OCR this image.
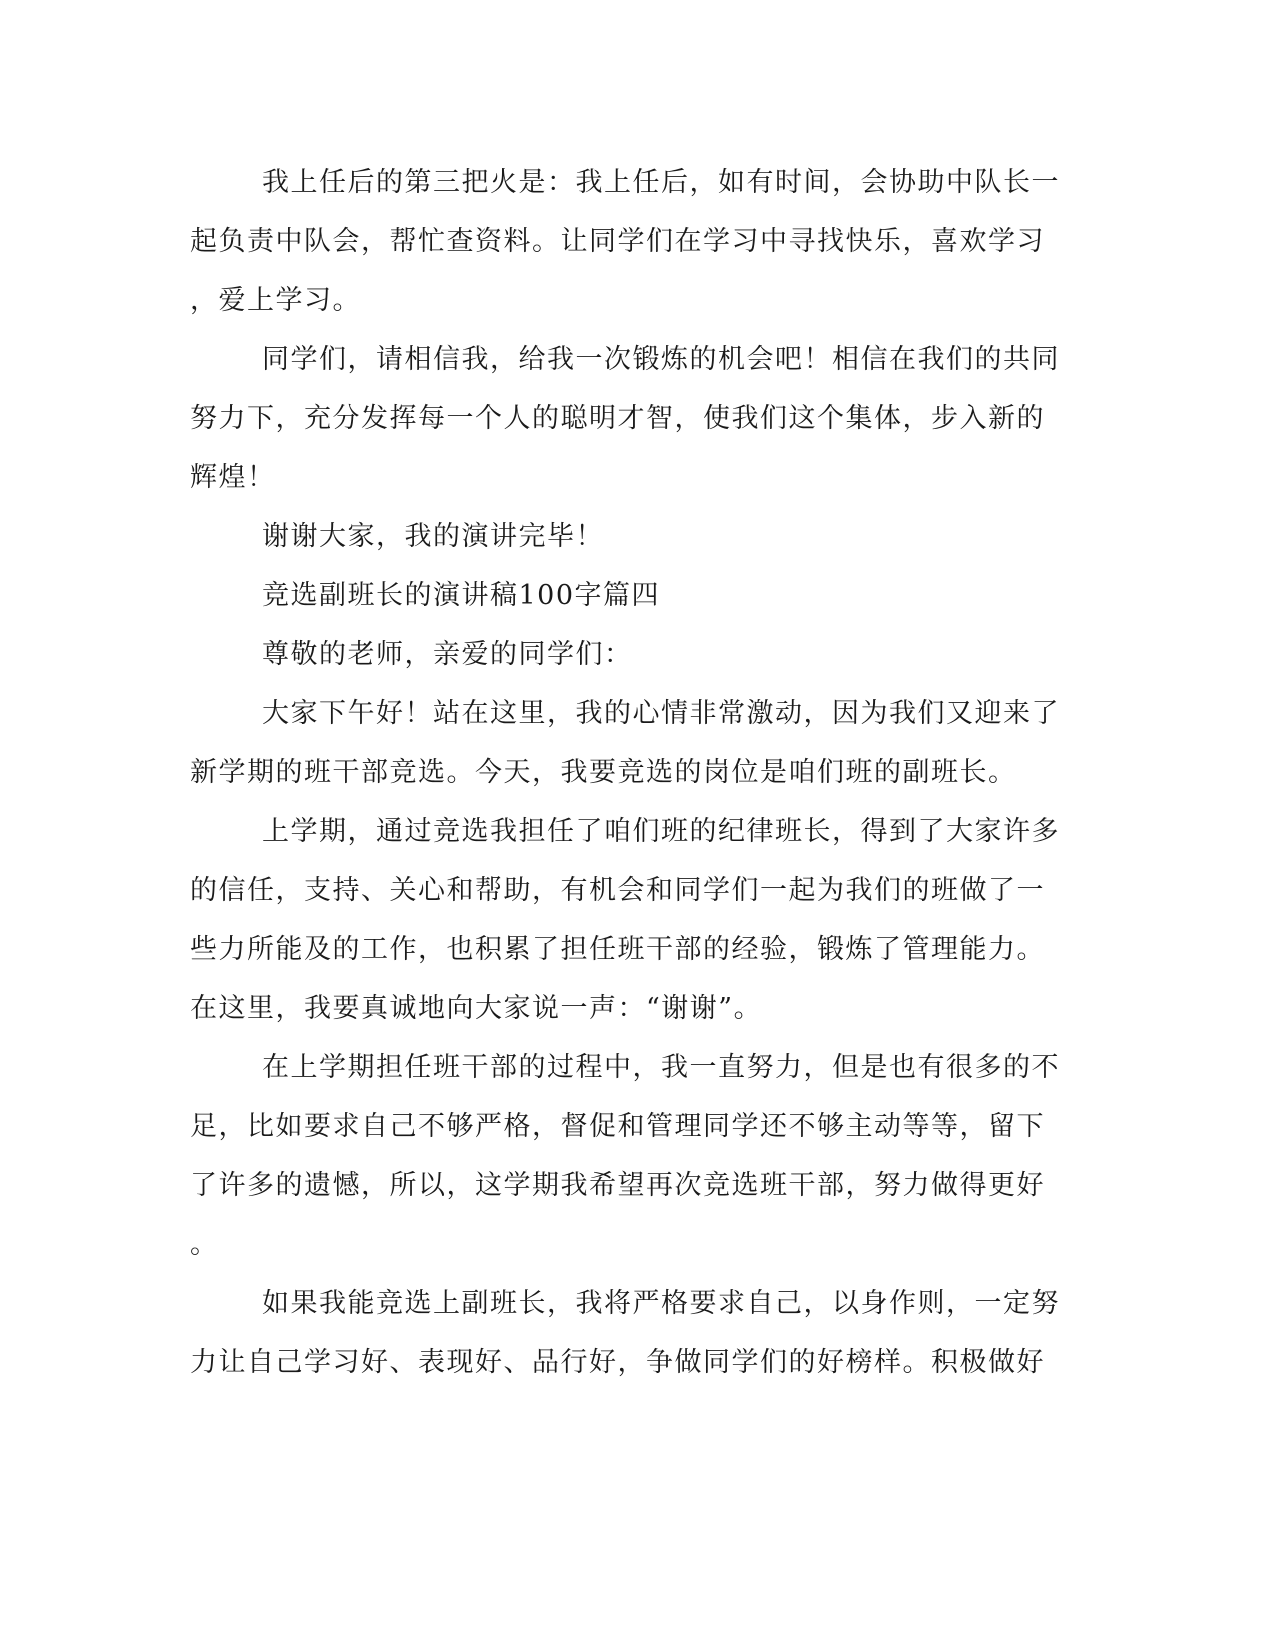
我上任后的第三把火是：我上任后，如有时间，会协助中队长一

起负责中队会，帮忙查资料。让同学们在学习中寻找快乐，喜欢学习

，爱上学习。

同学们，请相信我，给我一次锻炼的机会吧！相信在我们的共同

努力下，充分发挥每一个人的聪明才智，使我们这个集体，步入新的

辉煌！

谢谢大家，我的演讲完毕！

竞选副班长的演讲稿100字篇四

尊敬的老师，亲爱的同学们：

大家下午好！站在这里，我的心情非常激动，因为我们又迎来了

新学期的班干部竞选。今天，我要竞选的岗位是咱们班的副班长。

上学期，通过竞选我担任了咱们班的纪律班长，得到了大家许多

的信任，支持、关心和帮助，有机会和同学们一起为我们的班做了一

些力所能及的工作，也积累了担任班干部的经验，锻炼了管理能力。

在这里，我要真诚地向大家说一声：“谢谢”。

在上学期担任班干部的过程中，我一直努力，但是也有很多的不

足，比如要求自己不够严格，督促和管理同学还不够主动等等，留下

了许多的遗憾，所以，这学期我希望再次竞选班干部，努力做得更好

。

如果我能竞选上副班长，我将严格要求自己，以身作则，一定努

力让自己学习好、表现好、品行好，争做同学们的好榜样。积极做好
